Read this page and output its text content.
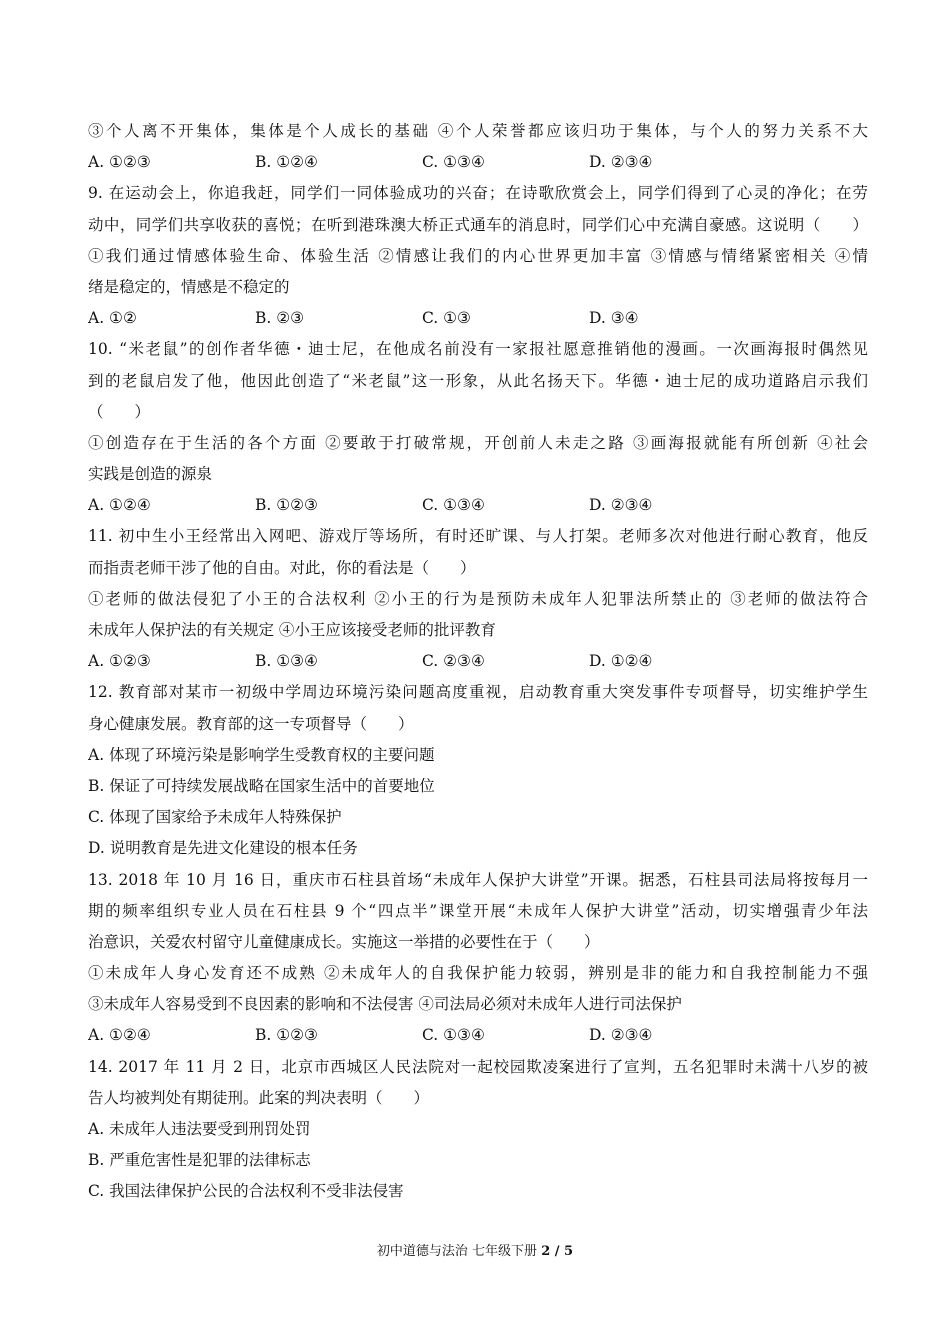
③个人离不开集体，集体是个人成长的基础 ④个人荣誉都应该归功于集体，与个人的努力关系不大
A. ①②③	B. ①②④	C. ①③④	D. ②③④
9. 在运动会上，你追我赶，同学们一同体验成功的兴奋；在诗歌欣赏会上，同学们得到了心灵的净化；在劳
动中，同学们共享收获的喜悦；在听到港珠澳大桥正式通车的消息时，同学们心中充满自豪感。这说明（　　）
①我们通过情感体验生命、体验生活 ②情感让我们的内心世界更加丰富 ③情感与情绪紧密相关 ④情
绪是稳定的，情感是不稳定的
A. ①②	B. ②③	C. ①③	D. ③④
10. “米老鼠”的创作者华德・迪士尼，在他成名前没有一家报社愿意推销他的漫画。一次画海报时偶然见
到的老鼠启发了他，他因此创造了“米老鼠”这一形象，从此名扬天下。华德・迪士尼的成功道路启示我们
（　　）
①创造存在于生活的各个方面 ②要敢于打破常规，开创前人未走之路 ③画海报就能有所创新 ④社会
实践是创造的源泉
A. ①②④	B. ①②③	C. ①③④	D. ②③④
11. 初中生小王经常出入网吧、游戏厅等场所，有时还旷课、与人打架。老师多次对他进行耐心教育，他反
而指责老师干涉了他的自由。对此，你的看法是（　　）
①老师的做法侵犯了小王的合法权利 ②小王的行为是预防未成年人犯罪法所禁止的 ③老师的做法符合
未成年人保护法的有关规定 ④小王应该接受老师的批评教育
A. ①②③	B. ①③④	C. ②③④	D. ①②④
12. 教育部对某市一初级中学周边环境污染问题高度重视，启动教育重大突发事件专项督导，切实维护学生
身心健康发展。教育部的这一专项督导（　　）
A. 体现了环境污染是影响学生受教育权的主要问题
B. 保证了可持续发展战略在国家生活中的首要地位
C. 体现了国家给予未成年人特殊保护
D. 说明教育是先进文化建设的根本任务
13. 2018 年 10 月 16 日，重庆市石柱县首场“未成年人保护大讲堂”开课。据悉，石柱县司法局将按每月一
期的频率组织专业人员在石柱县 9 个“四点半”课堂开展“未成年人保护大讲堂”活动，切实增强青少年法
治意识，关爱农村留守儿童健康成长。实施这一举措的必要性在于（　　）
①未成年人身心发育还不成熟 ②未成年人的自我保护能力较弱，辨别是非的能力和自我控制能力不强
③未成年人容易受到不良因素的影响和不法侵害 ④司法局必须对未成年人进行司法保护
A. ①②④	B. ①②③	C. ①③④	D. ②③④
14. 2017 年 11 月 2 日，北京市西城区人民法院对一起校园欺凌案进行了宣判，五名犯罪时未满十八岁的被
告人均被判处有期徒刑。此案的判决表明（　　）
A. 未成年人违法要受到刑罚处罚
B. 严重危害性是犯罪的法律标志
C. 我国法律保护公民的合法权利不受非法侵害
初中道德与法治 七年级下册 2 / 5
